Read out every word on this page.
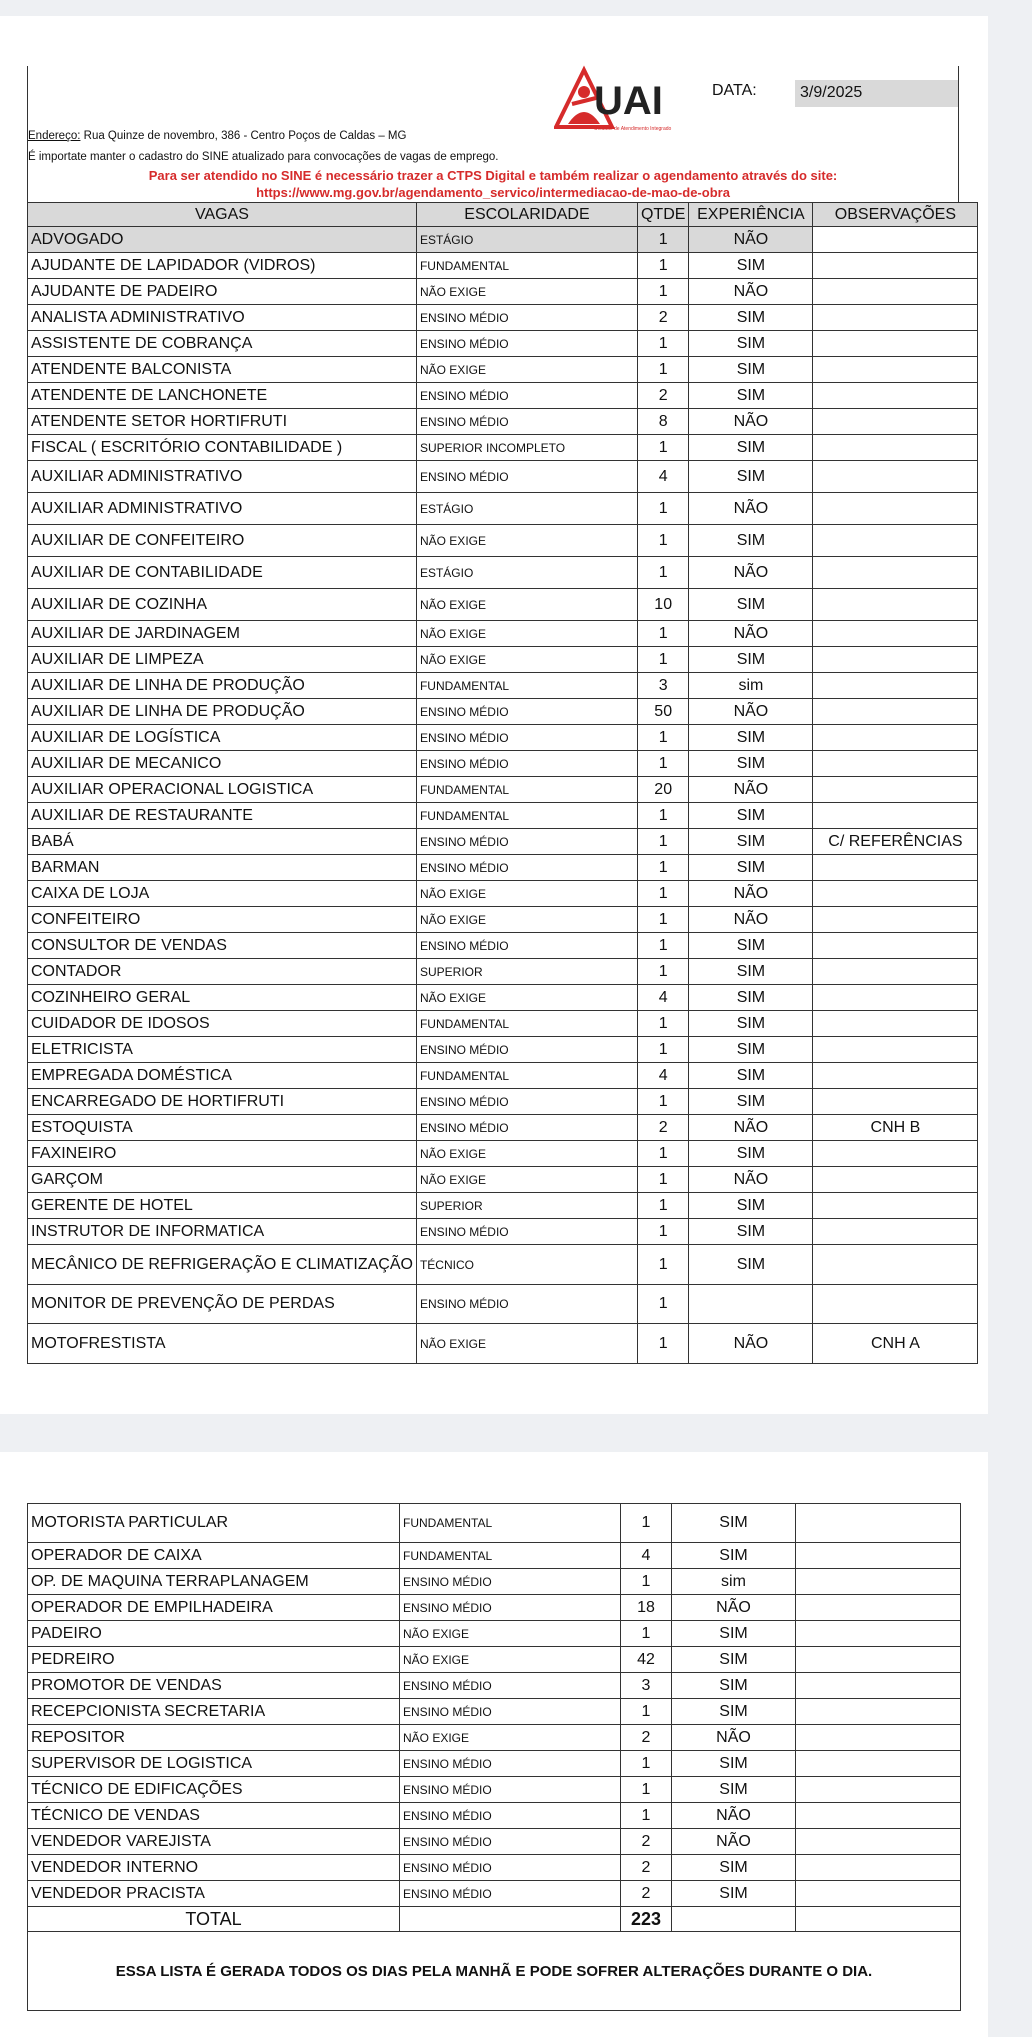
UAI
Unidade de Atendimento Integrado
DATA:	3/9/2025
Endereço: Rua Quinze de novembro, 386 - Centro Poços de Caldas – MG
É importate manter o cadastro do SINE atualizado para convocações de vagas de emprego.
Para ser atendido no SINE é necessário trazer a CTPS Digital e também realizar o agendamento através do site:
https://www.mg.gov.br/agendamento_servico/intermediacao-de-mao-de-obra
VAGAS	ESCOLARIDADE	QTDE	EXPERIÊNCIA	OBSERVAÇÕES
ADVOGADO	ESTÁGIO	1	NÃO	
AJUDANTE DE LAPIDADOR (VIDROS)	FUNDAMENTAL	1	SIM	
AJUDANTE DE PADEIRO	NÃO EXIGE	1	NÃO	
ANALISTA ADMINISTRATIVO	ENSINO MÉDIO	2	SIM	
ASSISTENTE DE COBRANÇA	ENSINO MÉDIO	1	SIM	
ATENDENTE BALCONISTA	NÃO EXIGE	1	SIM	
ATENDENTE DE LANCHONETE	ENSINO MÉDIO	2	SIM	
ATENDENTE SETOR HORTIFRUTI	ENSINO MÉDIO	8	NÃO	
FISCAL ( ESCRITÓRIO CONTABILIDADE )	SUPERIOR INCOMPLETO	1	SIM	
AUXILIAR ADMINISTRATIVO	ENSINO MÉDIO	4	SIM	
AUXILIAR ADMINISTRATIVO	ESTÁGIO	1	NÃO	
AUXILIAR DE CONFEITEIRO	NÃO EXIGE	1	SIM	
AUXILIAR DE CONTABILIDADE	ESTÁGIO	1	NÃO	
AUXILIAR DE COZINHA	NÃO EXIGE	10	SIM	
AUXILIAR DE JARDINAGEM	NÃO EXIGE	1	NÃO	
AUXILIAR DE LIMPEZA	NÃO EXIGE	1	SIM	
AUXILIAR DE LINHA DE PRODUÇÃO	FUNDAMENTAL	3	sim	
AUXILIAR DE LINHA DE PRODUÇÃO	ENSINO MÉDIO	50	NÃO	
AUXILIAR DE LOGÍSTICA	ENSINO MÉDIO	1	SIM	
AUXILIAR DE MECANICO	ENSINO MÉDIO	1	SIM	
AUXILIAR OPERACIONAL LOGISTICA	FUNDAMENTAL	20	NÃO	
AUXILIAR DE RESTAURANTE	FUNDAMENTAL	1	SIM	
BABÁ	ENSINO MÉDIO	1	SIM	C/ REFERÊNCIAS
BARMAN	ENSINO MÉDIO	1	SIM	
CAIXA DE LOJA	NÃO EXIGE	1	NÃO	
CONFEITEIRO	NÃO EXIGE	1	NÃO	
CONSULTOR DE VENDAS	ENSINO MÉDIO	1	SIM	
CONTADOR	SUPERIOR	1	SIM	
COZINHEIRO GERAL	NÃO EXIGE	4	SIM	
CUIDADOR DE IDOSOS	FUNDAMENTAL	1	SIM	
ELETRICISTA	ENSINO MÉDIO	1	SIM	
EMPREGADA DOMÉSTICA	FUNDAMENTAL	4	SIM	
ENCARREGADO DE HORTIFRUTI	ENSINO MÉDIO	1	SIM	
ESTOQUISTA	ENSINO MÉDIO	2	NÃO	CNH B
FAXINEIRO	NÃO EXIGE	1	SIM	
GARÇOM	NÃO EXIGE	1	NÃO	
GERENTE DE HOTEL	SUPERIOR	1	SIM	
INSTRUTOR DE INFORMATICA	ENSINO MÉDIO	1	SIM	
MECÂNICO DE REFRIGERAÇÃO E CLIMATIZAÇÃO	TÉCNICO	1	SIM	
MONITOR DE PREVENÇÃO DE PERDAS	ENSINO MÉDIO	1		
MOTOFRESTISTA	NÃO EXIGE	1	NÃO	CNH A
MOTORISTA PARTICULAR	FUNDAMENTAL	1	SIM	
OPERADOR DE CAIXA	FUNDAMENTAL	4	SIM	
OP. DE MAQUINA TERRAPLANAGEM	ENSINO MÉDIO	1	sim	
OPERADOR DE EMPILHADEIRA	ENSINO MÉDIO	18	NÃO	
PADEIRO	NÃO EXIGE	1	SIM	
PEDREIRO	NÃO EXIGE	42	SIM	
PROMOTOR DE VENDAS	ENSINO MÉDIO	3	SIM	
RECEPCIONISTA SECRETARIA	ENSINO MÉDIO	1	SIM	
REPOSITOR	NÃO EXIGE	2	NÃO	
SUPERVISOR DE LOGISTICA	ENSINO MÉDIO	1	SIM	
TÉCNICO DE EDIFICAÇÕES	ENSINO MÉDIO	1	SIM	
TÉCNICO DE VENDAS	ENSINO MÉDIO	1	NÃO	
VENDEDOR VAREJISTA	ENSINO MÉDIO	2	NÃO	
VENDEDOR INTERNO	ENSINO MÉDIO	2	SIM	
VENDEDOR PRACISTA	ENSINO MÉDIO	2	SIM	
TOTAL		223		
ESSA LISTA É GERADA TODOS OS DIAS PELA MANHÃ E PODE SOFRER ALTERAÇÕES DURANTE O DIA.				
